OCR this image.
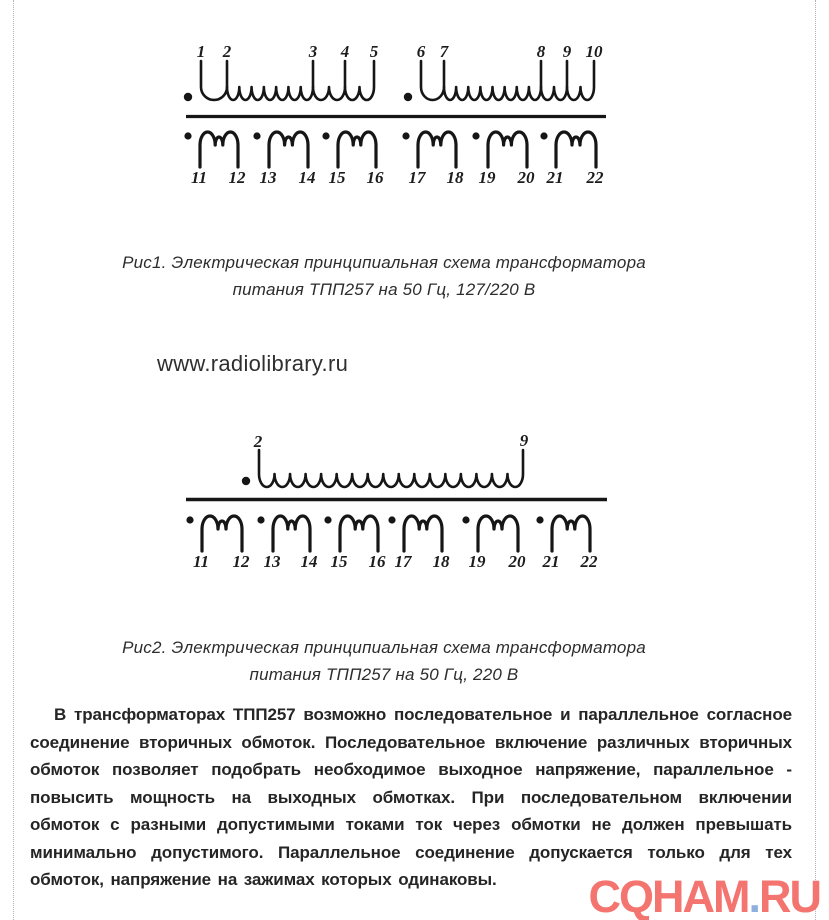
1 2	3 4 5 6 7	8 9 10
11 12 13 14 15 16 17 18 19 20 21 22
2	9
11 12 13 14 15 16 17 18 19 20 21 22
Рис1. Электрическая принципиальная схема трансформатора
питания ТПП257 на 50 Гц, 127/220 В
www.radiolibrary.ru
Рис2. Электрическая принципиальная схема трансформатора
питания ТПП257 на 50 Гц, 220 В

В трансформаторах ТПП257 возможно последовательное и параллельное согласное соединение вторичных обмоток. Последовательное включение различных вторичных обмоток позволяет подобрать необходимое выходное напряжение, параллельное - повысить мощность на выходных обмотках. При последовательном включении обмоток с разными допустимыми токами ток через обмотки не должен превышать минимально допустимого. Параллельное соединение допускается только для тех обмоток, напряжение на зажимах которых одинаковы.	CQHAM.RU
